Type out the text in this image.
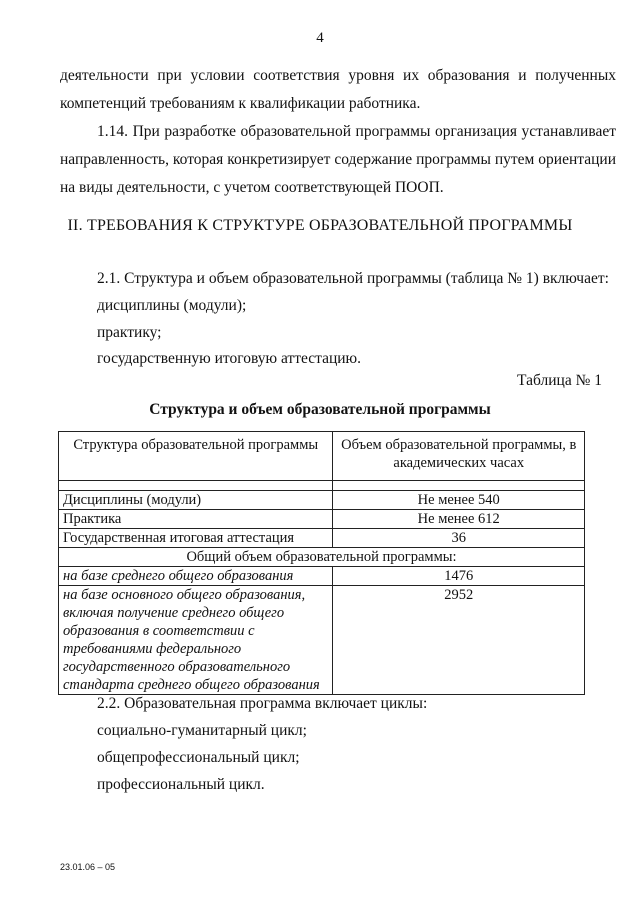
4
деятельности при условии соответствия уровня их образования и полученных
компетенций требованиям к квалификации работника.
1.14. При разработке образовательной программы организация устанавливает
направленность, которая конкретизирует содержание программы путем ориентации
на виды деятельности, с учетом соответствующей ПООП.
II. ТРЕБОВАНИЯ К СТРУКТУРЕ ОБРАЗОВАТЕЛЬНОЙ ПРОГРАММЫ
2.1. Структура и объем образовательной программы (таблица № 1) включает:
дисциплины (модули);
практику;
государственную итоговую аттестацию.
Таблица № 1
Структура и объем образовательной программы
Структура образовательной программы	Объем образовательной программы, в академических часах

Дисциплины (модули)	Не менее 540
Практика	Не менее 612
Государственная итоговая аттестация	36
Общий объем образовательной программы:	
на базе среднего общего образования	1476
на базе основного общего образования, включая получение среднего общего образования в соответствии с требованиями федерального государственного образовательного стандарта среднего общего образования	2952
2.2. Образовательная программа включает циклы:
социально-гуманитарный цикл;
общепрофессиональный цикл;
профессиональный цикл.
23.01.06 – 05
